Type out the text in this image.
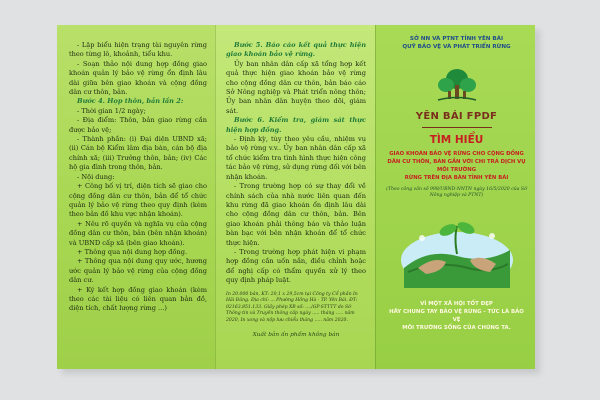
- Lập biểu hiện trạng tài nguyên rừng theo từng lô, khoảnh, tiểu khu.

- Soạn thảo nội dung hợp đồng giao khoán quản lý bảo vệ rừng ổn định lâu dài giữa bên giao khoán và cộng đồng dân cư thôn, bản.

Bước 4. Họp thôn, bản lần 2:

- Thời gian 1/2 ngày;

- Địa điểm: Thôn, bản giao rừng cần được bảo vệ;

- Thành phần: (i) Đại diện UBND xã; (ii) Cán bộ Kiểm lâm địa bàn, cán bộ địa chính xã; (iii) Trưởng thôn, bản; (iv) Các hộ gia đình trong thôn, bản.

- Nội dung:

+ Công bố vị trí, diện tích sẽ giao cho cộng đồng dân cư thôn, bản để tổ chức quản lý bảo vệ rừng theo quy định (kèm theo bản đồ khu vực nhận khoán).

+ Nêu rõ quyền và nghĩa vụ của cộng đồng dân cư thôn, bản (bên nhận khoán) và UBND cấp xã (bên giao khoán).

+ Thông qua nội dung hợp đồng.

+ Thông qua nội dung quy ước, hương ước quản lý bảo vệ rừng của cộng đồng dân cư.

+ Ký kết hợp đồng giao khoán (kèm theo các tài liệu có liên quan bản đồ, diện tích, chất lượng rừng ...)

Bước 5. Báo cáo kết quả thực hiện giao khoán bảo vệ rừng.

Ủy ban nhân dân cấp xã tổng hợp kết quả thực hiện giao khoán bảo vệ rừng cho cộng đồng dân cư thôn, bản báo cáo Sở Nông nghiệp và Phát triển nông thôn; Ủy ban nhân dân huyện theo dõi, giám sát.

Bước 6. Kiểm tra, giám sát thực hiện hợp đồng.

- Định kỳ, tùy theo yêu cầu, nhiệm vụ bảo vệ rừng v.v.. Ủy ban nhân dân cấp xã tổ chức kiểm tra tình hình thực hiện công tác bảo vệ rừng, sử dụng rừng đối với bên nhận khoán.

- Trong trường hợp có sự thay đổi về chính sách của nhà nước liên quan đến khu rừng đã giao khoán ổn định lâu dài cho cộng đồng dân cư thôn, bản. Bên giao khoán phải thông báo và thảo luận bàn bạc với bên nhận khoán để tổ chức thực hiện.

- Trong trường hợp phát hiện vi phạm hợp đồng cần uốn nắn, điều chỉnh hoặc để nghị cấp có thẩm quyền xử lý theo quy định pháp luật.

In 20.000 bản, KT: 20,1 x 29,5cm tại Công ty Cổ phần In Hải Đăng. Địa chỉ: ... Phường Hồng Hà - TP. Yên Bái. ĐT: 02163.851.133. Giấy phép XB số: ..../GP-STTTT do Sở Thông tin và Truyền thông cấp ngày ..... tháng ..... năm 2020, In xong và nộp lưu chiểu tháng ..... năm 2020.
Xuất bản ấn phẩm không bán
SỞ NN VÀ PTNT TỈNH YÊN BÁI
QUỸ BẢO VỆ VÀ PHÁT TRIỂN RỪNG
YÊN BÁI FPDF
TÌM HIỂU
GIAO KHOÁN BẢO VỆ RỪNG CHO CỘNG ĐỒNG
DÂN CƯ THÔN, BẢN GẮN VỚI CHI TRẢ DỊCH VỤ MÔI TRƯỜNG
RỪNG TRÊN ĐỊA BÀN TỈNH YÊN BÁI
(Theo công văn số 998/UBND-NNTN ngày 16/5/2020 của Sở Nông nghiệp và PTNT)
VÌ MỘT XÃ HỘI TỐT ĐẸP
HÃY CHUNG TAY BẢO VỆ RỪNG - TỨC LÀ BẢO VỆ
MÔI TRƯỜNG SỐNG CỦA CHÚNG TA.
